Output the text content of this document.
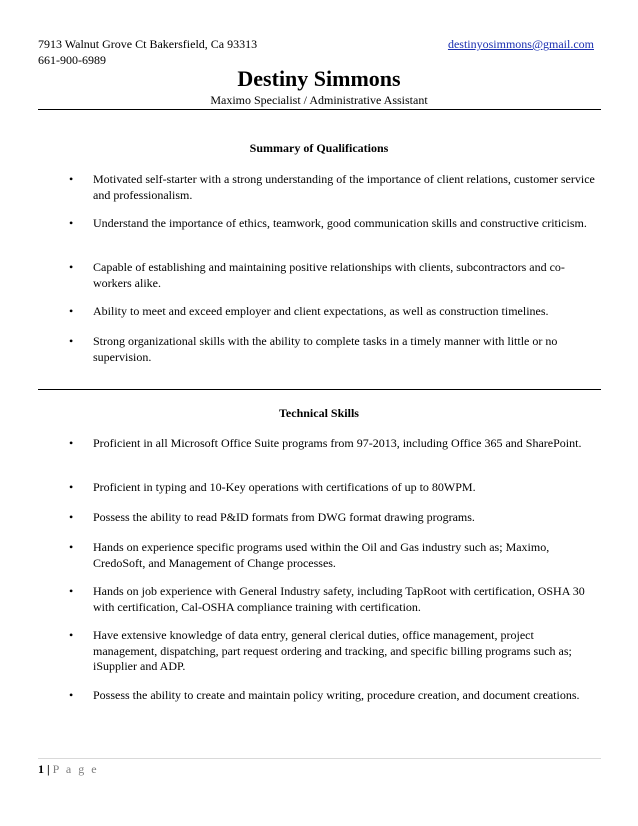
7913 Walnut Grove Ct Bakersfield, Ca 93313	destinyosimmons@gmail.com
661-900-6989
Destiny Simmons
Maximo Specialist / Administrative Assistant
Summary of Qualifications
• Motivated self-starter with a strong understanding of the importance of client relations, customer service and professionalism.
• Understand the importance of ethics, teamwork, good communication skills and constructive criticism.
• Capable of establishing and maintaining positive relationships with clients, subcontractors and co-workers alike.
• Ability to meet and exceed employer and client expectations, as well as construction timelines.
• Strong organizational skills with the ability to complete tasks in a timely manner with little or no supervision.
Technical Skills
• Proficient in all Microsoft Office Suite programs from 97-2013, including Office 365 and SharePoint.
• Proficient in typing and 10-Key operations with certifications of up to 80WPM.
• Possess the ability to read P&ID formats from DWG format drawing programs.
• Hands on experience specific programs used within the Oil and Gas industry such as; Maximo, CredoSoft, and Management of Change processes.
• Hands on job experience with General Industry safety, including TapRoot with certification, OSHA 30 with certification, Cal-OSHA compliance training with certification.
• Have extensive knowledge of data entry, general clerical duties, office management, project management, dispatching, part request ordering and tracking, and specific billing programs such as; iSupplier and ADP.
• Possess the ability to create and maintain policy writing, procedure creation, and document creations.
1 | P a g e
